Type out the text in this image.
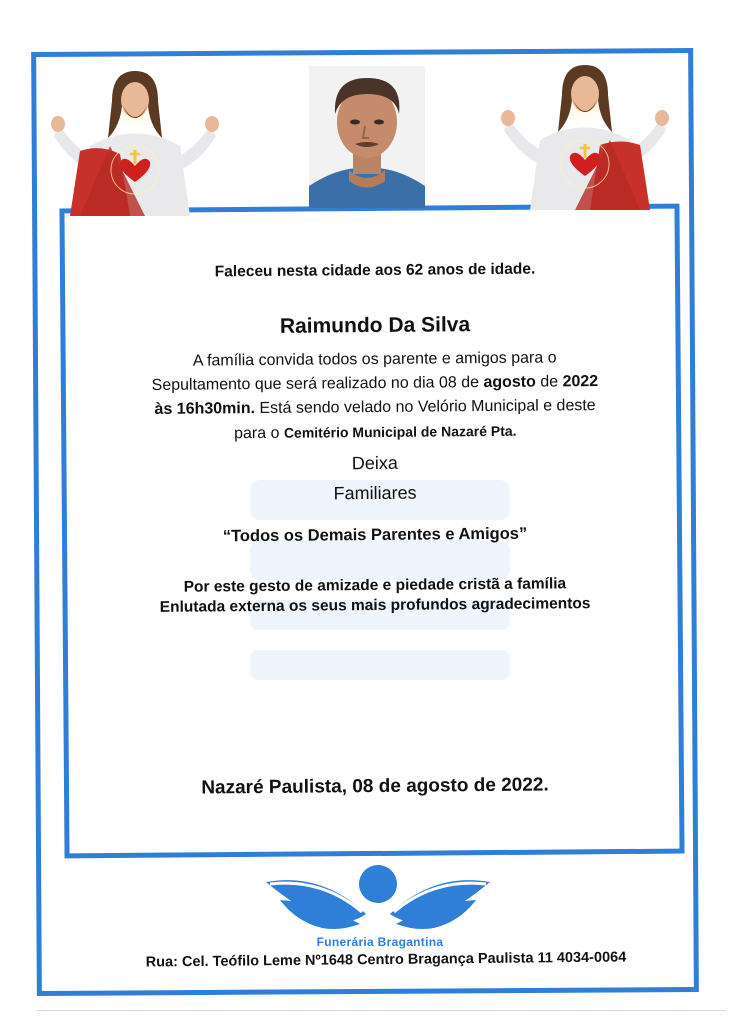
Faleceu nesta cidade aos 62 anos de idade.
Raimundo Da Silva
A família convida todos os parente e amigos para o
Sepultamento que será realizado no dia 08 de agosto de 2022
às 16h30min. Está sendo velado no Velório Municipal e deste
para o Cemitério Municipal de Nazaré Pta.
Deixa
Familiares
“Todos os Demais Parentes e Amigos”
Por este gesto de amizade e piedade cristã a família
Enlutada externa os seus mais profundos agradecimentos
Nazaré Paulista, 08 de agosto de 2022.
Funerária Bragantina
Rua: Cel. Teófilo Leme Nº1648 Centro Bragança Paulista 11 4034-0064
